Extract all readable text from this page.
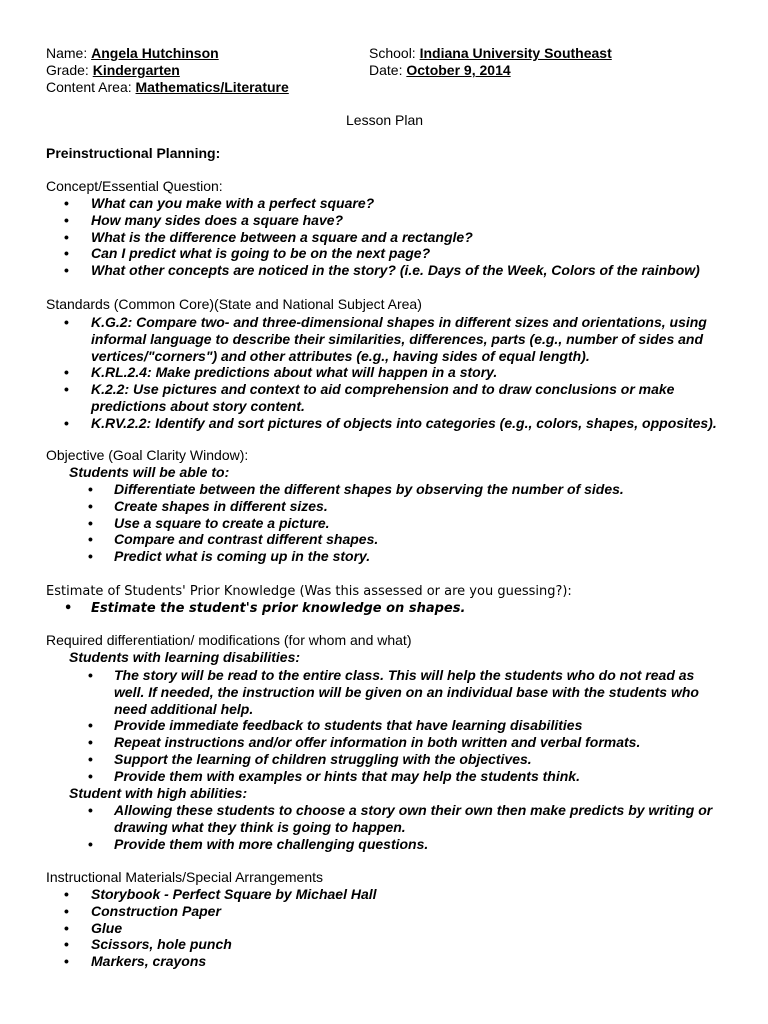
Name: Angela Hutchinson	School: Indiana University Southeast
Grade: Kindergarten	Date: October 9, 2014
Content Area: Mathematics/Literature
Lesson Plan
Preinstructional Planning:
Concept/Essential Question:
• What can you make with a perfect square?
• How many sides does a square have?
• What is the difference between a square and a rectangle?
• Can I predict what is going to be on the next page?
• What other concepts are noticed in the story? (i.e. Days of the Week, Colors of the rainbow)
Standards (Common Core)(State and National Subject Area)
• K.G.2: Compare two- and three-dimensional shapes in different sizes and orientations, using informal language to describe their similarities, differences, parts (e.g., number of sides and vertices/"corners") and other attributes (e.g., having sides of equal length).
• K.RL.2.4: Make predictions about what will happen in a story.
• K.2.2: Use pictures and context to aid comprehension and to draw conclusions or make predictions about story content.
• K.RV.2.2: Identify and sort pictures of objects into categories (e.g., colors, shapes, opposites).
Objective (Goal Clarity Window):
Students will be able to:
• Differentiate between the different shapes by observing the number of sides.
• Create shapes in different sizes.
• Use a square to create a picture.
• Compare and contrast different shapes.
• Predict what is coming up in the story.
Estimate of Students' Prior Knowledge (Was this assessed or are you guessing?):
• Estimate the student's prior knowledge on shapes.
Required differentiation/ modifications (for whom and what)
Students with learning disabilities:
• The story will be read to the entire class. This will help the students who do not read as well. If needed, the instruction will be given on an individual base with the students who need additional help.
• Provide immediate feedback to students that have learning disabilities
• Repeat instructions and/or offer information in both written and verbal formats.
• Support the learning of children struggling with the objectives.
• Provide them with examples or hints that may help the students think.
Student with high abilities:
• Allowing these students to choose a story own their own then make predicts by writing or drawing what they think is going to happen.
• Provide them with more challenging questions.
Instructional Materials/Special Arrangements
• Storybook - Perfect Square by Michael Hall
• Construction Paper
• Glue
• Scissors, hole punch
• Markers, crayons
